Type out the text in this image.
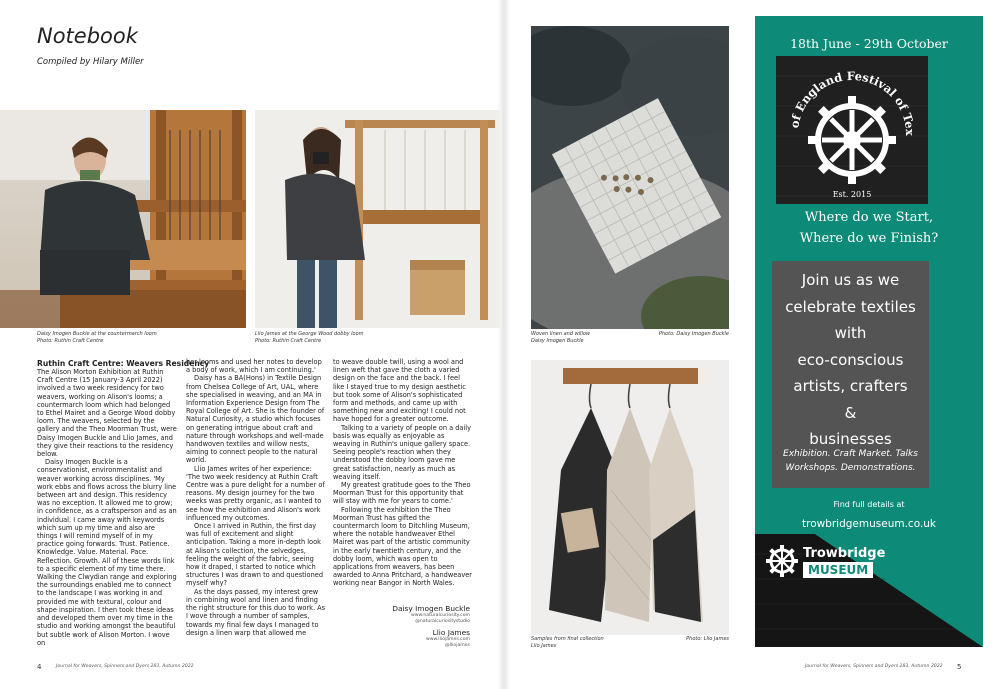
Notebook
Compiled by Hilary Miller
Daisy Imogen Buckle at the countermarch loom
Photo: Ruthin Craft Centre
Llio James at the George Wood dobby loom
Photo: Ruthin Craft Centre
Ruthin Craft Centre: Weavers Residency

The Alison Morton Exhibition at Ruthin Craft Centre (15 January-3 April 2022) involved a two week residency for two weavers, working on Alison's looms; a countermarch loom which had belonged to Ethel Mairet and a George Wood dobby loom. The weavers, selected by the gallery and the Theo Moorman Trust, were Daisy Imogen Buckle and Llio James, and they give their reactions to the residency below.

Daisy Imogen Buckle is a conservationist, environmentalist and weaver working across disciplines. 'My work ebbs and flows across the blurry line between art and design. This residency was no exception. It allowed me to grow; in confidence, as a craftsperson and as an individual. I came away with keywords which sum up my time and also are things I will remind myself of in my practice going forwards. Trust. Patience. Knowledge. Value. Material. Pace. Reflection. Growth. All of these words link to a specific element of my time there. Walking the Clwydian range and exploring the surroundings enabled me to connect to the landscape I was working in and provided me with textural, colour and shape inspiration. I then took these ideas and developed them over my time in the studio and working amongst the beautiful but subtle work of Alison Morton. I wove on

her looms and used her notes to develop a body of work, which I am continuing.'

Daisy has a BA(Hons) in Textile Design from Chelsea College of Art, UAL, where she specialised in weaving, and an MA in Information Experience Design from The Royal College of Art. She is the founder of Natural Curiosity, a studio which focuses on generating intrigue about craft and nature through workshops and well-made handwoven textiles and willow nests, aiming to connect people to the natural world.

Llio James writes of her experience: 'The two week residency at Ruthin Craft Centre was a pure delight for a number of reasons. My design journey for the two weeks was pretty organic, as I wanted to see how the exhibition and Alison's work influenced my outcomes.

Once I arrived in Ruthin, the first day was full of excitement and slight anticipation. Taking a more in-depth look at Alison's collection, the selvedges, feeling the weight of the fabric, seeing how it draped, I started to notice which structures I was drawn to and questioned myself why?

As the days passed, my interest grew in combining wool and linen and finding the right structure for this duo to work. As I wove through a number of samples, towards my final few days I managed to design a linen warp that allowed me

to weave double twill, using a wool and linen weft that gave the cloth a varied design on the face and the back. I feel like I stayed true to my design aesthetic but took some of Alison's sophisticated form and methods, and came up with something new and exciting! I could not have hoped for a greater outcome.

Talking to a variety of people on a daily basis was equally as enjoyable as weaving in Ruthin's unique gallery space. Seeing people's reaction when they understood the dobby loom gave me great satisfaction, nearly as much as weaving itself.

My greatest gratitude goes to the Theo Moorman Trust for this opportunity that will stay with me for years to come.'

Following the exhibition the Theo Moorman Trust has gifted the countermarch loom to Ditchling Museum, where the notable handweaver Ethel Mairet was part of the artistic community in the early twentieth century, and the dobby loom, which was open to applications from weavers, has been awarded to Anna Pritchard, a handweaver working near Bangor in North Wales.

Daisy Imogen Buckle
www.naturalcuriosity.com
@naturalcuriositystudio
Llio James
www.lliojames.com
@lliojames
4	Journal for Weavers, Spinners and Dyers 283, Autumn 2022
Woven linen and willow
Daisy Imogen Buckle
Photo: Daisy Imogen Buckle
Samples from final collection
Llio James
Photo: Llio James
18th June - 29th October
of England Festival of Tex
Est. 2015
Where do we Start,
Where do we Finish?
Join us as we
celebrate textiles
with
eco-conscious
artists, crafters
&
businesses
Exhibition. Craft Market. Talks
Workshops. Demonstrations.
Find full details at
trowbridgemuseum.co.uk
Trowbridge
MUSEUM
Journal for Weavers, Spinners and Dyers 283, Autumn 2022 5
